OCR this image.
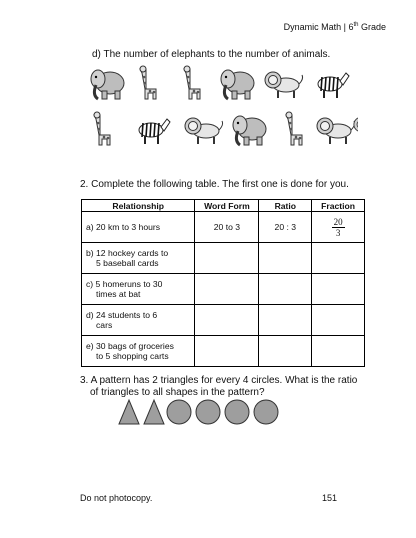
Dynamic Math | 6th Grade
d) The number of elephants to the number of animals.
2. Complete the following table. The first one is done for you.
Relationship	Word Form	Ratio	Fraction
a) 20 km to 3 hours	20 to 3	20 : 3	$\frac{20}{3}$

b) 12 hockey cards to
5 baseball cards			

c) 5 homeruns to 30
times at bat			

d) 24 students to 6
cars			

e) 30 bags of groceries
to 5 shopping carts			

3. A pattern has 2 triangles for every 4 circles. What is the ratio
of triangles to all shapes in the pattern?
Do not photocopy.	151
